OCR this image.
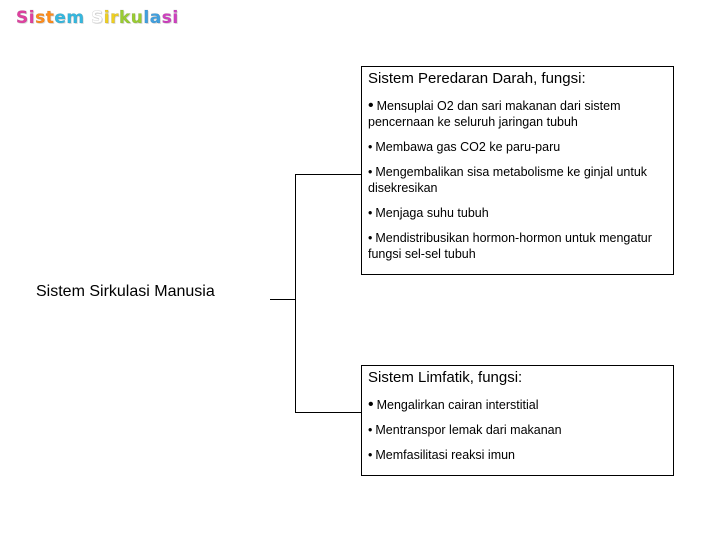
Sistem Sirkulasi
Sistem Sirkulasi Manusia
Sistem Peredaran Darah, fungsi:
• Mensuplai O2 dan sari makanan dari sistem pencernaan ke seluruh jaringan tubuh
• Membawa gas CO2 ke paru-paru
• Mengembalikan sisa metabolisme ke ginjal untuk disekresikan
• Menjaga suhu tubuh
• Mendistribusikan hormon-hormon untuk mengatur fungsi sel-sel tubuh
Sistem Limfatik, fungsi:
• Mengalirkan cairan interstitial
• Mentranspor lemak dari makanan
• Memfasilitasi reaksi imun
